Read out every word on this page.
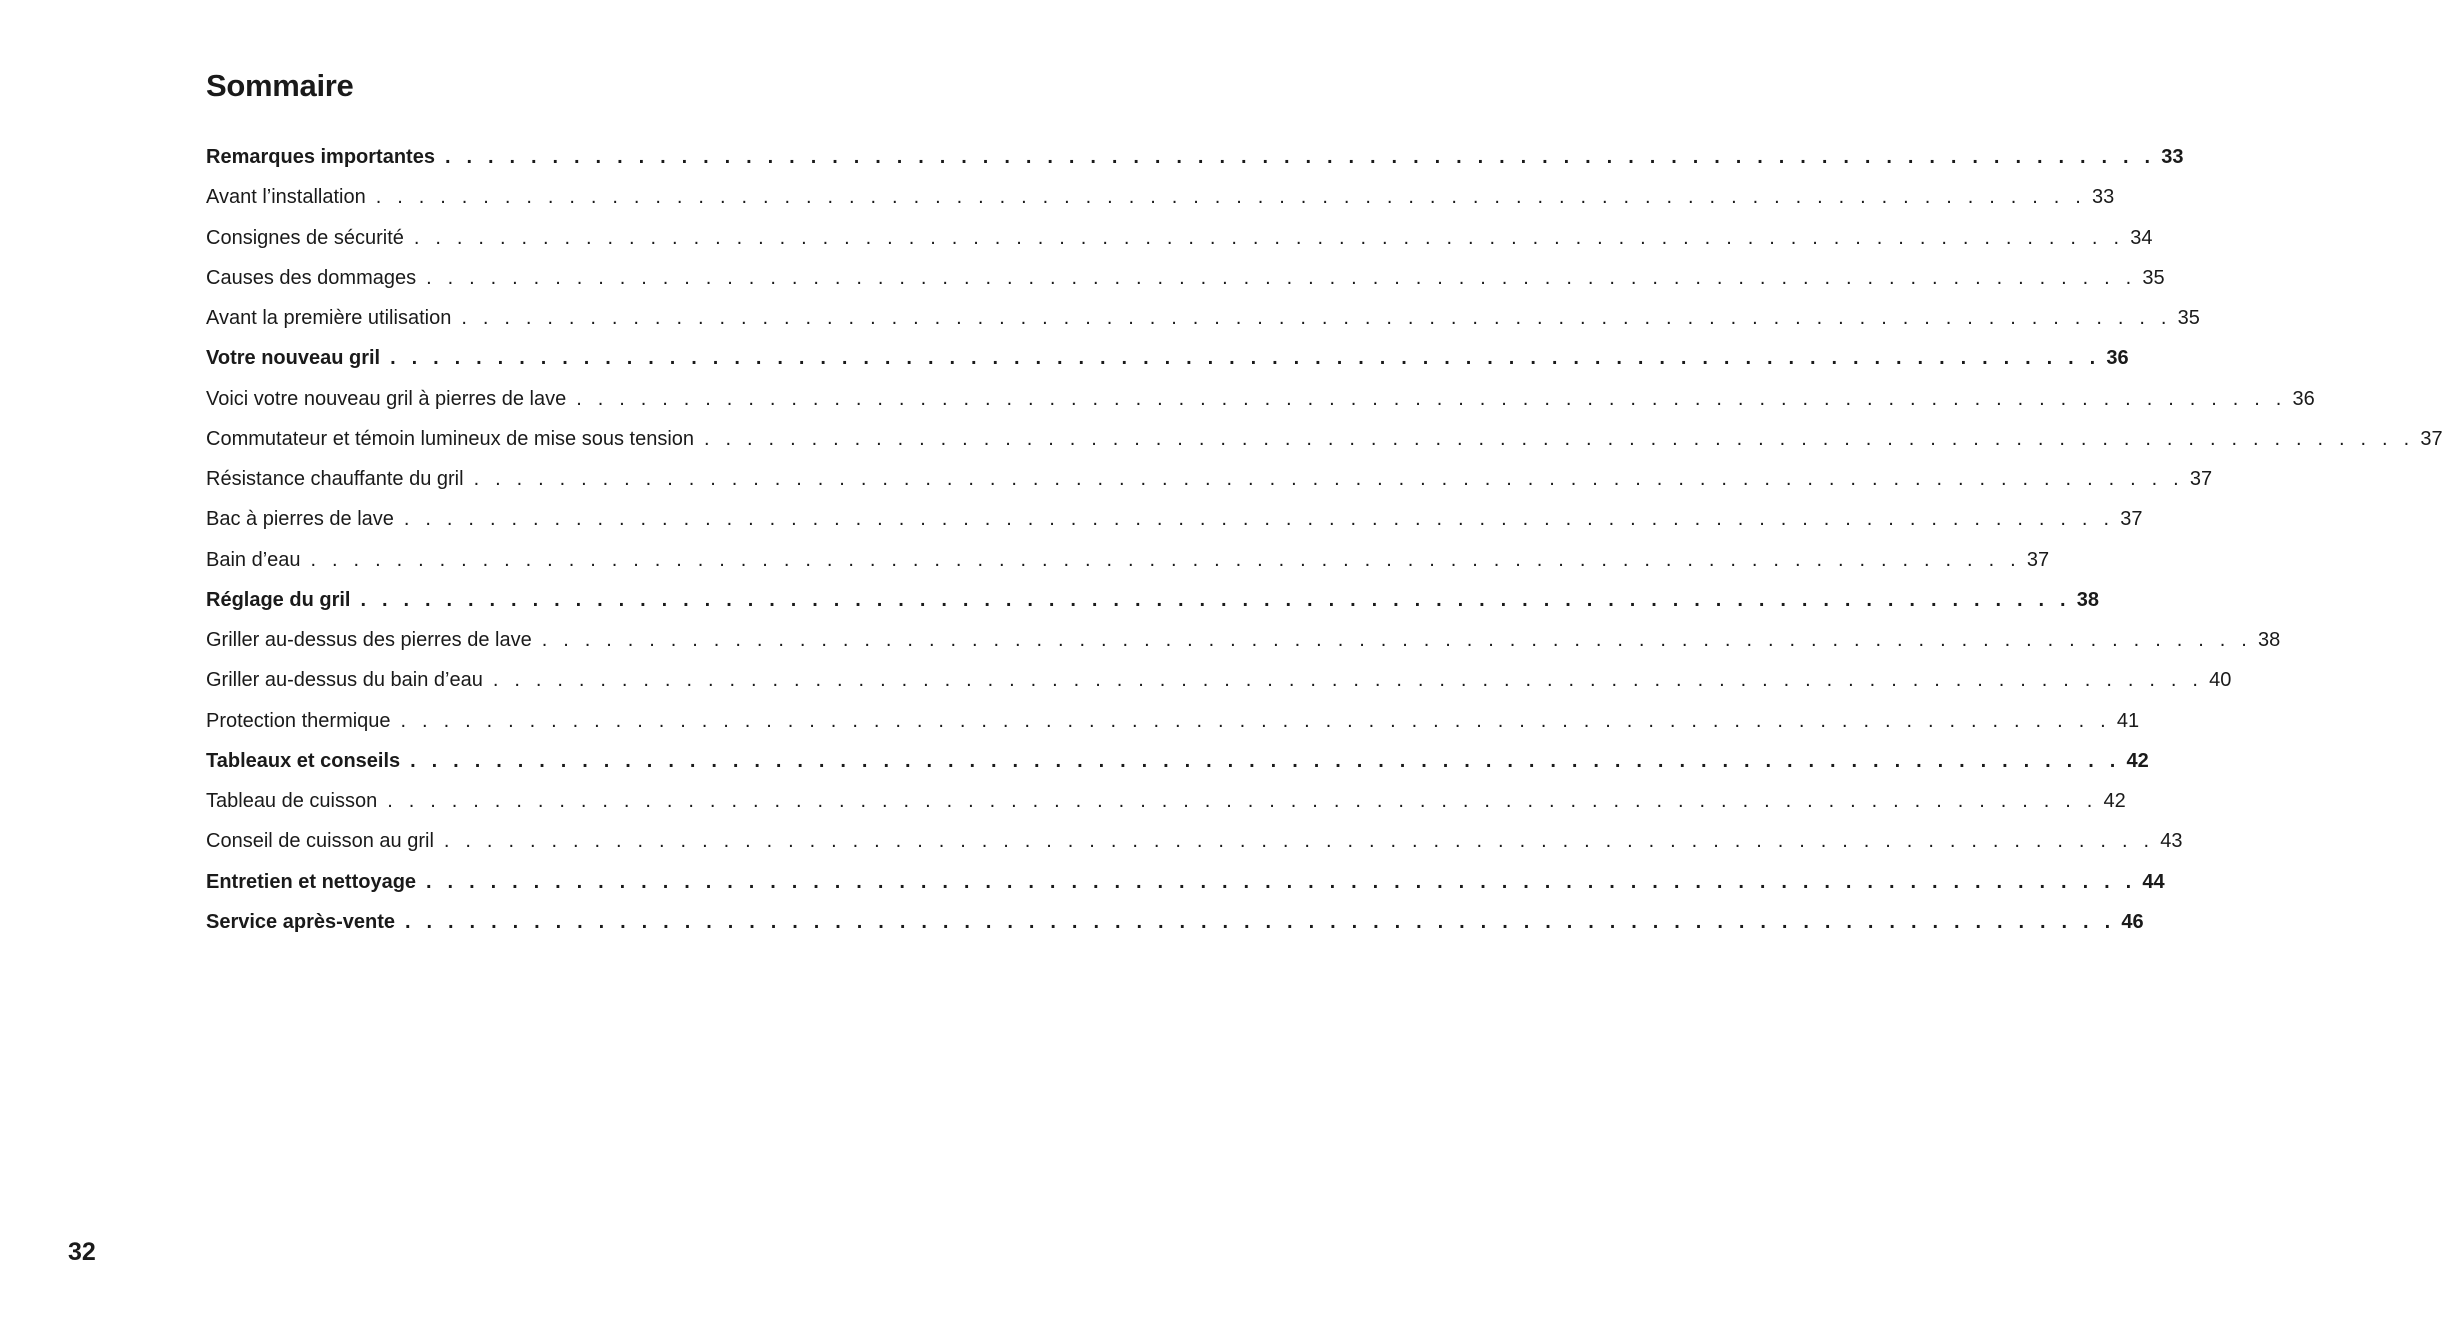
Sommaire
Remarques importantes . . . . . . . . . . . . . . . . . . . . . . . . . . . . . . . . . . . . . . . . . . . . . . . . . . . . . . . . . . . . . . . . . . . . . . . . . . . . . . . . 33
Avant l’installation . . . . . . . . . . . . . . . . . . . . . . . . . . . . . . . . . . . . . . . . . . . . . . . . . . . . . . . . . . . . . . . . . . . . . . . . . . . . . . . . 33
Consignes de sécurité . . . . . . . . . . . . . . . . . . . . . . . . . . . . . . . . . . . . . . . . . . . . . . . . . . . . . . . . . . . . . . . . . . . . . . . . . . . . . . . . 34
Causes des dommages . . . . . . . . . . . . . . . . . . . . . . . . . . . . . . . . . . . . . . . . . . . . . . . . . . . . . . . . . . . . . . . . . . . . . . . . . . . . . . . . 35
Avant la première utilisation . . . . . . . . . . . . . . . . . . . . . . . . . . . . . . . . . . . . . . . . . . . . . . . . . . . . . . . . . . . . . . . . . . . . . . . . . . . . . . . . 35
Votre nouveau gril . . . . . . . . . . . . . . . . . . . . . . . . . . . . . . . . . . . . . . . . . . . . . . . . . . . . . . . . . . . . . . . . . . . . . . . . . . . . . . . . 36
Voici votre nouveau gril à pierres de lave . . . . . . . . . . . . . . . . . . . . . . . . . . . . . . . . . . . . . . . . . . . . . . . . . . . . . . . . . . . . . . . . . . . . . . . . . . . . . . . . 36
Commutateur et témoin lumineux de mise sous tension . . . . . . . . . . . . . . . . . . . . . . . . . . . . . . . . . . . . . . . . . . . . . . . . . . . . . . . . . . . . . . . . . . . . . . . . . . . . . . . . 37
Résistance chauffante du gril . . . . . . . . . . . . . . . . . . . . . . . . . . . . . . . . . . . . . . . . . . . . . . . . . . . . . . . . . . . . . . . . . . . . . . . . . . . . . . . . 37
Bac à pierres de lave . . . . . . . . . . . . . . . . . . . . . . . . . . . . . . . . . . . . . . . . . . . . . . . . . . . . . . . . . . . . . . . . . . . . . . . . . . . . . . . . 37
Bain d’eau . . . . . . . . . . . . . . . . . . . . . . . . . . . . . . . . . . . . . . . . . . . . . . . . . . . . . . . . . . . . . . . . . . . . . . . . . . . . . . . . 37
Réglage du gril . . . . . . . . . . . . . . . . . . . . . . . . . . . . . . . . . . . . . . . . . . . . . . . . . . . . . . . . . . . . . . . . . . . . . . . . . . . . . . . . 38
Griller au-dessus des pierres de lave . . . . . . . . . . . . . . . . . . . . . . . . . . . . . . . . . . . . . . . . . . . . . . . . . . . . . . . . . . . . . . . . . . . . . . . . . . . . . . . . 38
Griller au-dessus du bain d’eau . . . . . . . . . . . . . . . . . . . . . . . . . . . . . . . . . . . . . . . . . . . . . . . . . . . . . . . . . . . . . . . . . . . . . . . . . . . . . . . . 40
Protection thermique . . . . . . . . . . . . . . . . . . . . . . . . . . . . . . . . . . . . . . . . . . . . . . . . . . . . . . . . . . . . . . . . . . . . . . . . . . . . . . . . 41
Tableaux et conseils . . . . . . . . . . . . . . . . . . . . . . . . . . . . . . . . . . . . . . . . . . . . . . . . . . . . . . . . . . . . . . . . . . . . . . . . . . . . . . . . 42
Tableau de cuisson . . . . . . . . . . . . . . . . . . . . . . . . . . . . . . . . . . . . . . . . . . . . . . . . . . . . . . . . . . . . . . . . . . . . . . . . . . . . . . . . 42
Conseil de cuisson au gril . . . . . . . . . . . . . . . . . . . . . . . . . . . . . . . . . . . . . . . . . . . . . . . . . . . . . . . . . . . . . . . . . . . . . . . . . . . . . . . . 43
Entretien et nettoyage . . . . . . . . . . . . . . . . . . . . . . . . . . . . . . . . . . . . . . . . . . . . . . . . . . . . . . . . . . . . . . . . . . . . . . . . . . . . . . . . 44
Service après-vente . . . . . . . . . . . . . . . . . . . . . . . . . . . . . . . . . . . . . . . . . . . . . . . . . . . . . . . . . . . . . . . . . . . . . . . . . . . . . . . . 46
32
